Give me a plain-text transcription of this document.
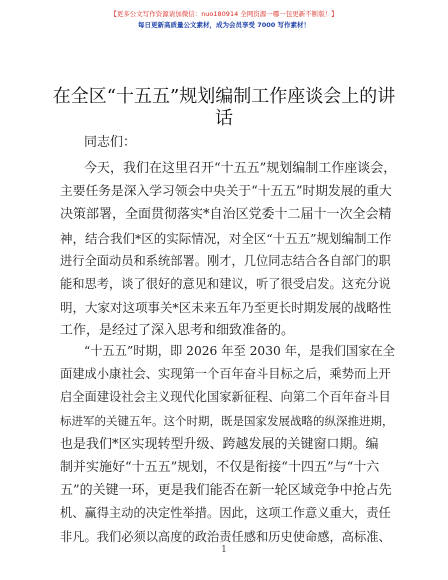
【更多公文写作资源请加微信：nuo180914 全网资源一哪一包更新不断版！】
每日更新高质量公文素材，成为会员享受 7000 写作素材！
在全区“十五五”规划编制工作座谈会上的讲话
同志们：
今天，我们在这里召开“十五五”规划编制工作座谈会，
主要任务是深入学习领会中央关于“十五五”时期发展的重大
决策部署，全面贯彻落实*自治区党委十二届十一次全会精
神，结合我们*区的实际情况，对全区“十五五”规划编制工作
进行全面动员和系统部署。刚才，几位同志结合各自部门的职
能和思考，谈了很好的意见和建议，听了很受启发。这充分说
明，大家对这项事关*区未来五年乃至更长时期发展的战略性
工作，是经过了深入思考和细致准备的。
“十五五”时期，即 2026 年至 2030 年，是我们国家在全
面建成小康社会、实现第一个百年奋斗目标之后，乘势而上开
启全面建设社会主义现代化国家新征程、向第二个百年奋斗目
标进军的关键五年。这个时期，既是国家发展战略的纵深推进期，
也是我们*区实现转型升级、跨越发展的关键窗口期。编
制并实施好“十五五”规划，不仅是衔接“十四五”与“十六
五”的关键一环，更是我们能否在新一轮区域竞争中抢占先
机、赢得主动的决定性举措。因此，这项工作意义重大，责任
非凡。我们必须以高度的政治责任感和历史使命感，高标准、
1
